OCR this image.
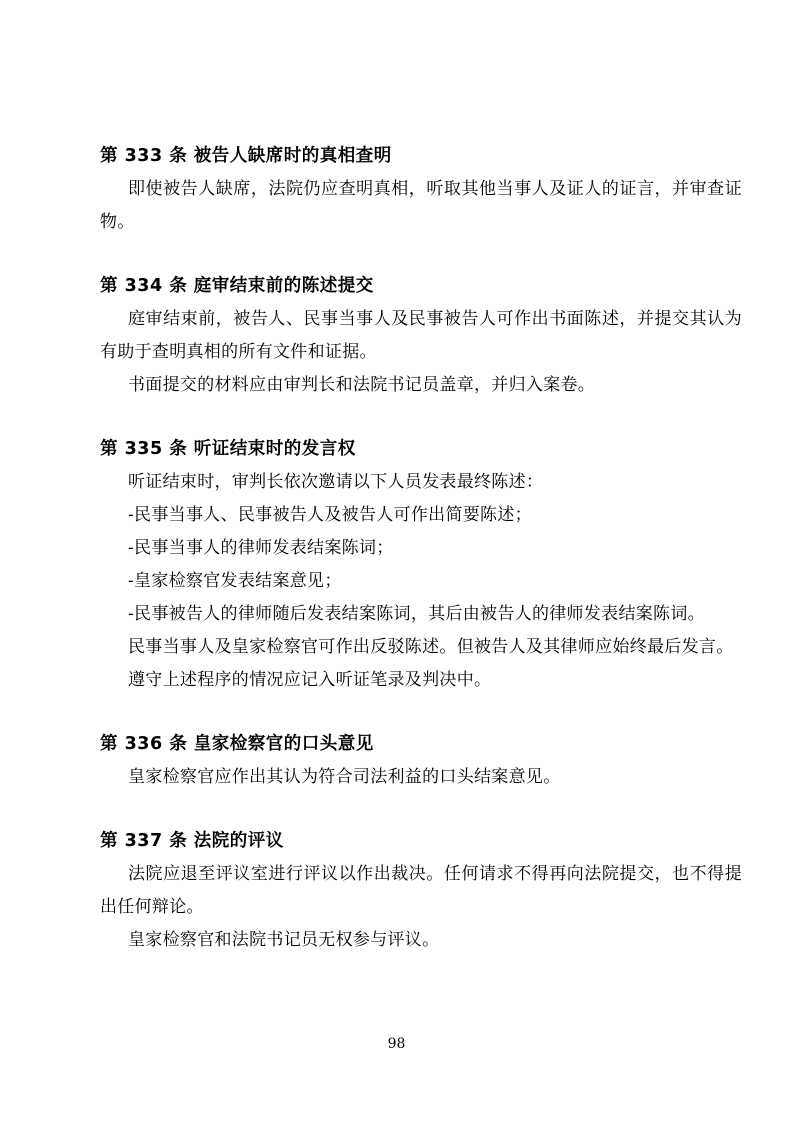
第 333 条 被告人缺席时的真相查明

即使被告人缺席，法院仍应查明真相，听取其他当事人及证人的证言，并审查证物。

第 334 条 庭审结束前的陈述提交

庭审结束前，被告人、民事当事人及民事被告人可作出书面陈述，并提交其认为有助于查明真相的所有文件和证据。

书面提交的材料应由审判长和法院书记员盖章，并归入案卷。

第 335 条 听证结束时的发言权

听证结束时，审判长依次邀请以下人员发表最终陈述：

-民事当事人、民事被告人及被告人可作出简要陈述；

-民事当事人的律师发表结案陈词；

-皇家检察官发表结案意见；

-民事被告人的律师随后发表结案陈词，其后由被告人的律师发表结案陈词。

民事当事人及皇家检察官可作出反驳陈述。但被告人及其律师应始终最后发言。

遵守上述程序的情况应记入听证笔录及判决中。

第 336 条 皇家检察官的口头意见

皇家检察官应作出其认为符合司法利益的口头结案意见。

第 337 条 法院的评议

法院应退至评议室进行评议以作出裁决。任何请求不得再向法院提交，也不得提出任何辩论。

皇家检察官和法院书记员无权参与评议。

98
